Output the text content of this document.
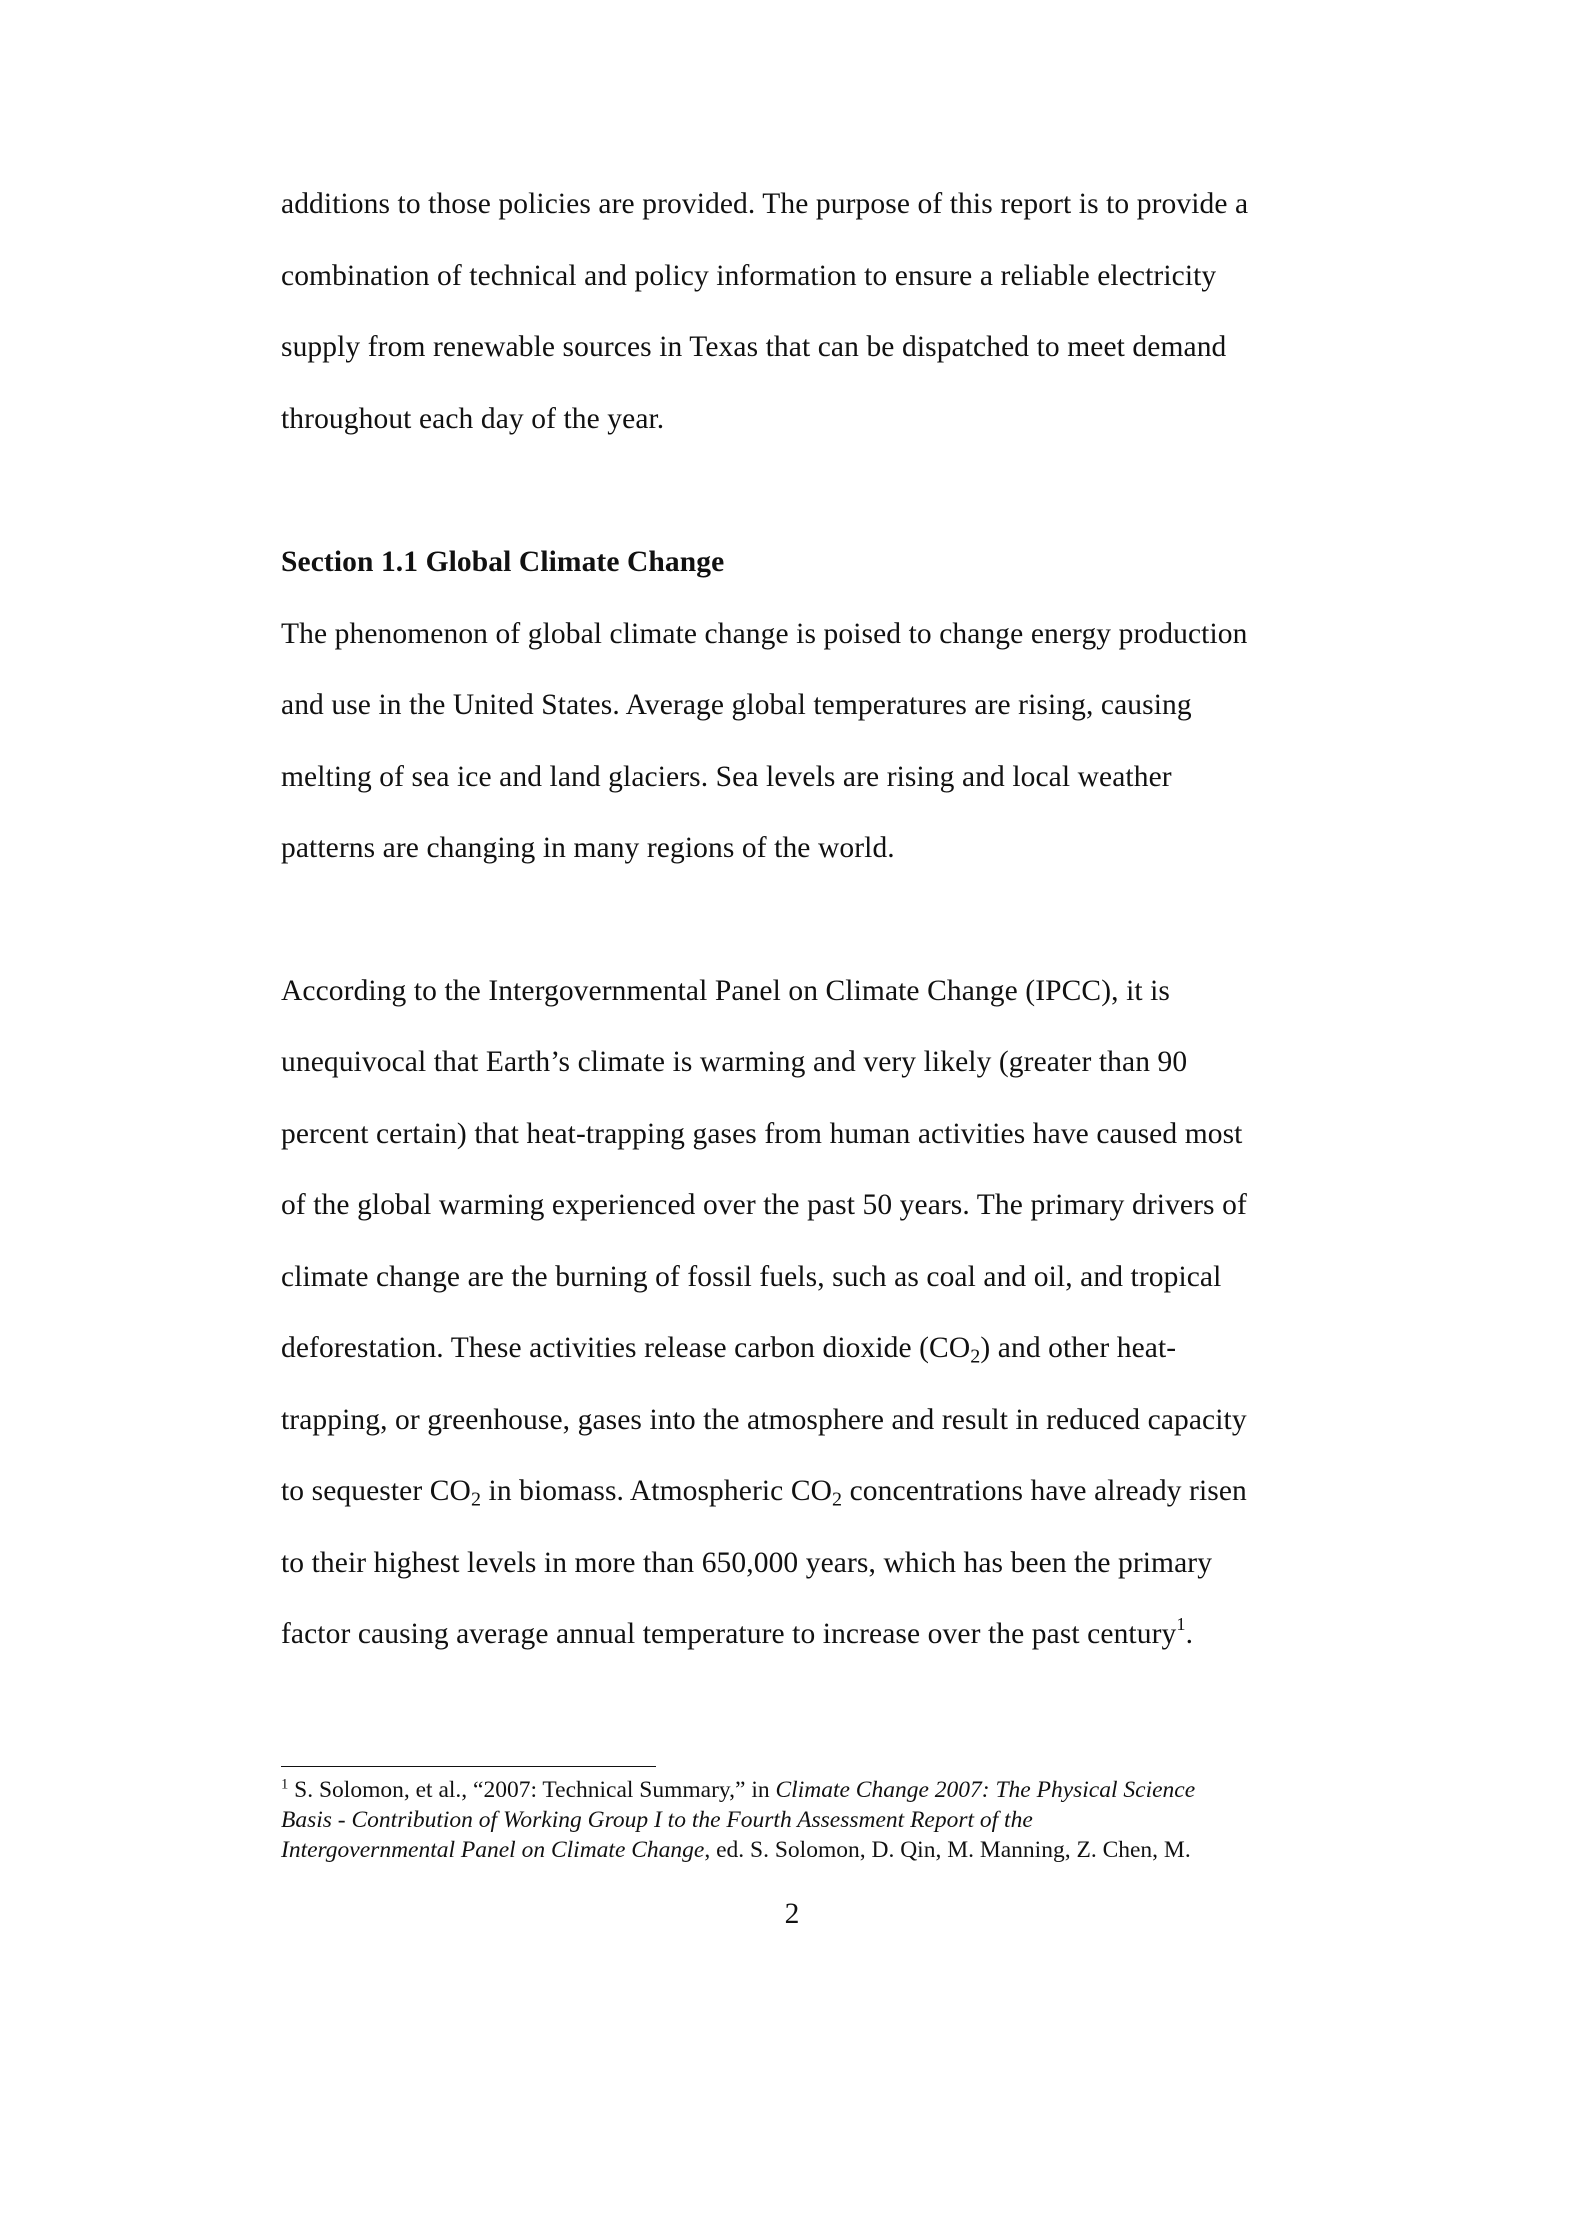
additions to those policies are provided. The purpose of this report is to provide a
combination of technical and policy information to ensure a reliable electricity
supply from renewable sources in Texas that can be dispatched to meet demand
throughout each day of the year.
Section 1.1 Global Climate Change
The phenomenon of global climate change is poised to change energy production
and use in the United States. Average global temperatures are rising, causing
melting of sea ice and land glaciers. Sea levels are rising and local weather
patterns are changing in many regions of the world.
According to the Intergovernmental Panel on Climate Change (IPCC), it is
unequivocal that Earth’s climate is warming and very likely (greater than 90
percent certain) that heat-trapping gases from human activities have caused most
of the global warming experienced over the past 50 years. The primary drivers of
climate change are the burning of fossil fuels, such as coal and oil, and tropical
deforestation. These activities release carbon dioxide $(CO_2)$ and other heat-
trapping, or greenhouse, gases into the atmosphere and result in reduced capacity
to sequester $CO_2$ in biomass. Atmospheric $CO_2$ concentrations have already risen
to their highest levels in more than 650,000 years, which has been the primary
factor causing average annual temperature to increase over the past century$^1$.
$^1$ S. Solomon, et al., “2007: Technical Summary,” in Climate Change 2007: The Physical Science
Basis - Contribution of Working Group I to the Fourth Assessment Report of the
Intergovernmental Panel on Climate Change, ed. S. Solomon, D. Qin, M. Manning, Z. Chen, M.
2
